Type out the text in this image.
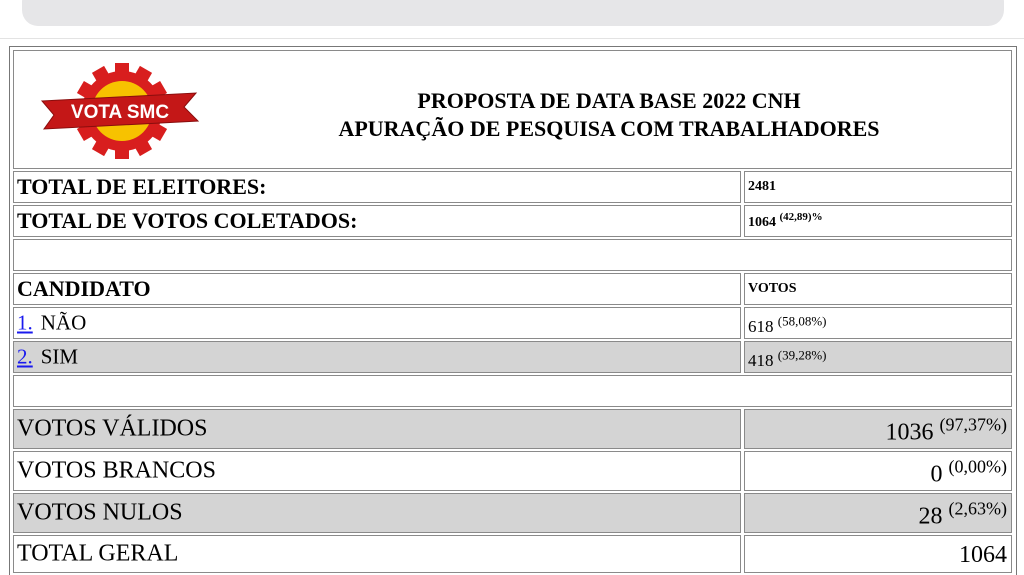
VOTA SMC	PROPOSTA DE DATA BASE 2022 CNH
APURAÇÃO DE PESQUISA COM TRABALHADORES
TOTAL DE ELEITORES:	2481
TOTAL DE VOTOS COLETADOS:	1064 $^{(42,89)\%}$
CANDIDATO	VOTOS
1. NÃO	618 $^{(58,08\%)}$
2. SIM	418 $^{(39,28\%)}$
VOTOS VÁLIDOS	1036 $^{(97,37\%)}$
VOTOS BRANCOS	0 $^{(0,00\%)}$
VOTOS NULOS	28 $^{(2,63\%)}$
TOTAL GERAL	1064
